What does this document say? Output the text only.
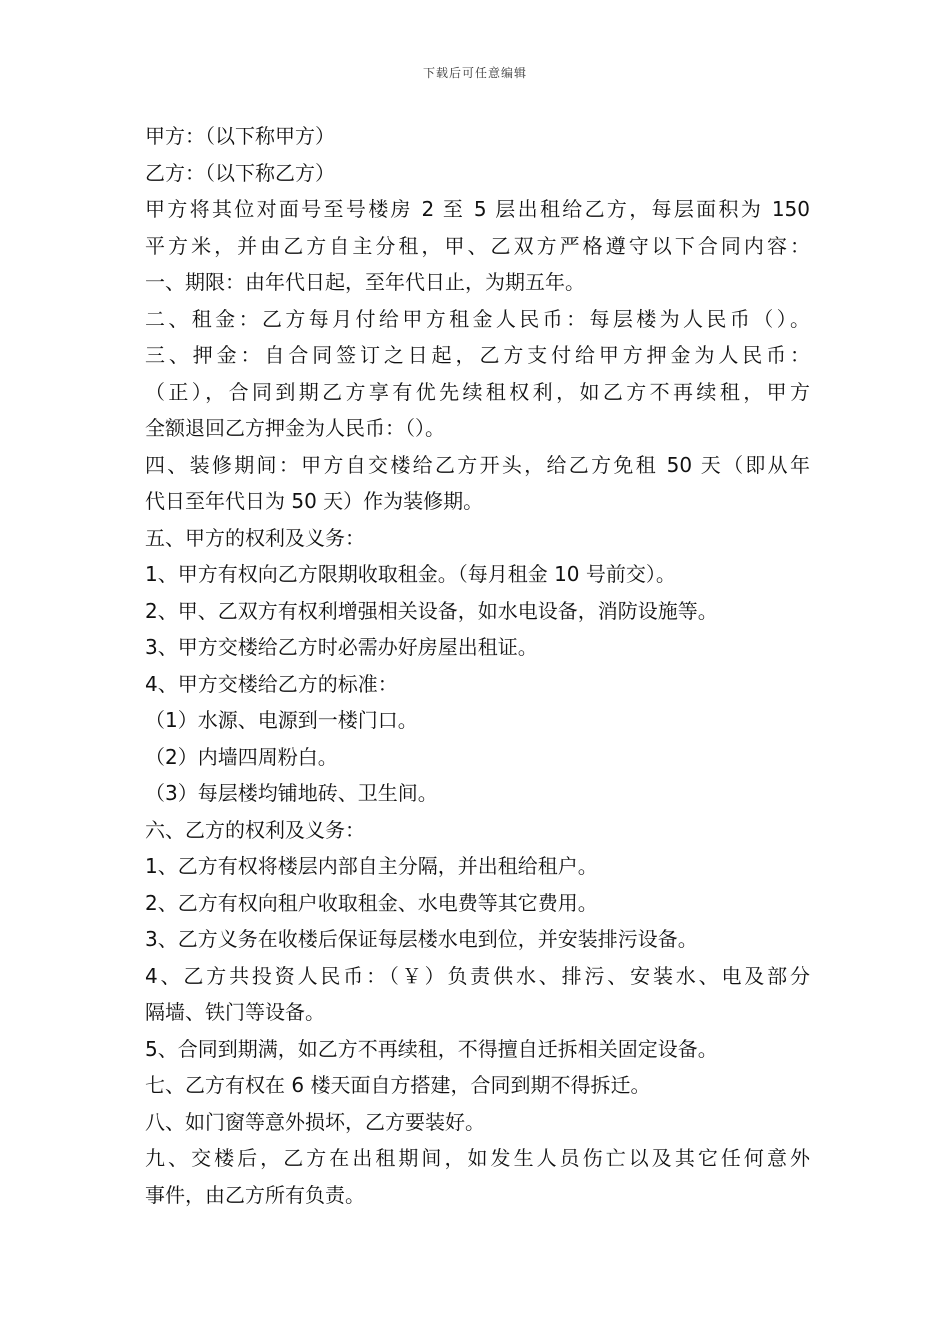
下载后可任意编辑
甲方：（以下称甲方）
乙方：（以下称乙方）
甲方将其位对面号至号楼房 2 至 5 层出租给乙方，每层面积为 150
平方米，并由乙方自主分租，甲、乙双方严格遵守以下合同内容：
一、期限：由年代日起，至年代日止，为期五年。
二、租金：乙方每月付给甲方租金人民币：每层楼为人民币（）。
三、押金：自合同签订之日起，乙方支付给甲方押金为人民币：
（正），合同到期乙方享有优先续租权利，如乙方不再续租，甲方
全额退回乙方押金为人民币：（）。
四、装修期间：甲方自交楼给乙方开头，给乙方免租 50 天（即从年
代日至年代日为 50 天）作为装修期。
五、甲方的权利及义务：
1、甲方有权向乙方限期收取租金。（每月租金 10 号前交）。
2、甲、乙双方有权利增强相关设备，如水电设备，消防设施等。
3、甲方交楼给乙方时必需办好房屋出租证。
4、甲方交楼给乙方的标准：
（1）水源、电源到一楼门口。
（2）内墙四周粉白。
（3）每层楼均铺地砖、卫生间。
六、乙方的权利及义务：
1、乙方有权将楼层内部自主分隔，并出租给租户。
2、乙方有权向租户收取租金、水电费等其它费用。
3、乙方义务在收楼后保证每层楼水电到位，并安装排污设备。
4、乙方共投资人民币：（￥）负责供水、排污、安装水、电及部分
隔墙、铁门等设备。
5、合同到期满，如乙方不再续租，不得擅自迁拆相关固定设备。
七、乙方有权在 6 楼天面自方搭建，合同到期不得拆迁。
八、如门窗等意外损坏，乙方要装好。
九、交楼后，乙方在出租期间，如发生人员伤亡以及其它任何意外
事件，由乙方所有负责。
